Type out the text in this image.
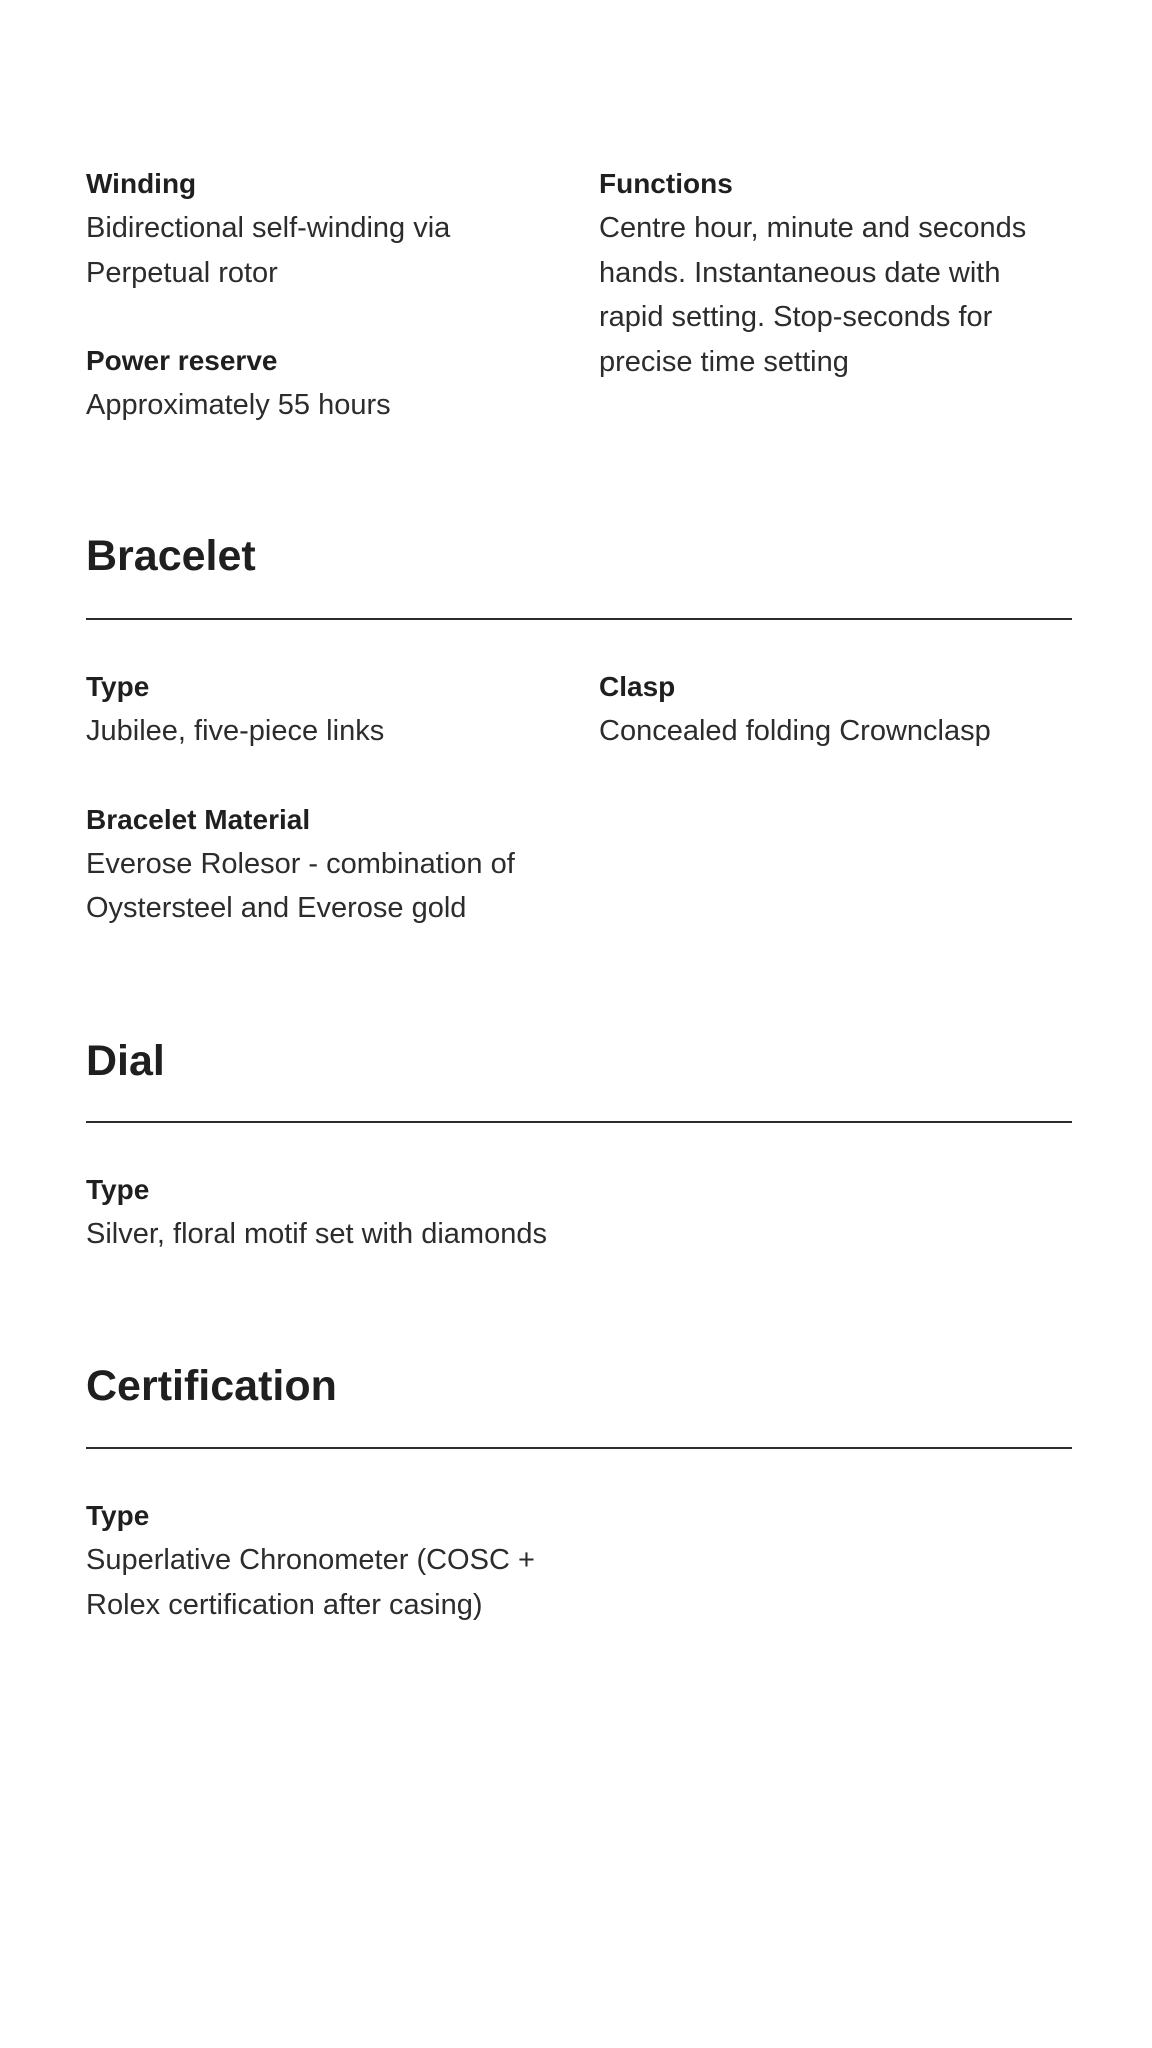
Winding
Bidirectional self-winding via
Perpetual rotor
Power reserve
Approximately 55 hours
Functions
Centre hour, minute and seconds
hands. Instantaneous date with
rapid setting. Stop-seconds for
precise time setting
Bracelet
Type
Jubilee, five-piece links
Bracelet Material
Everose Rolesor - combination of
Oystersteel and Everose gold
Clasp
Concealed folding Crownclasp
Dial
Type
Silver, floral motif set with diamonds
Certification
Type
Superlative Chronometer (COSC +
Rolex certification after casing)
